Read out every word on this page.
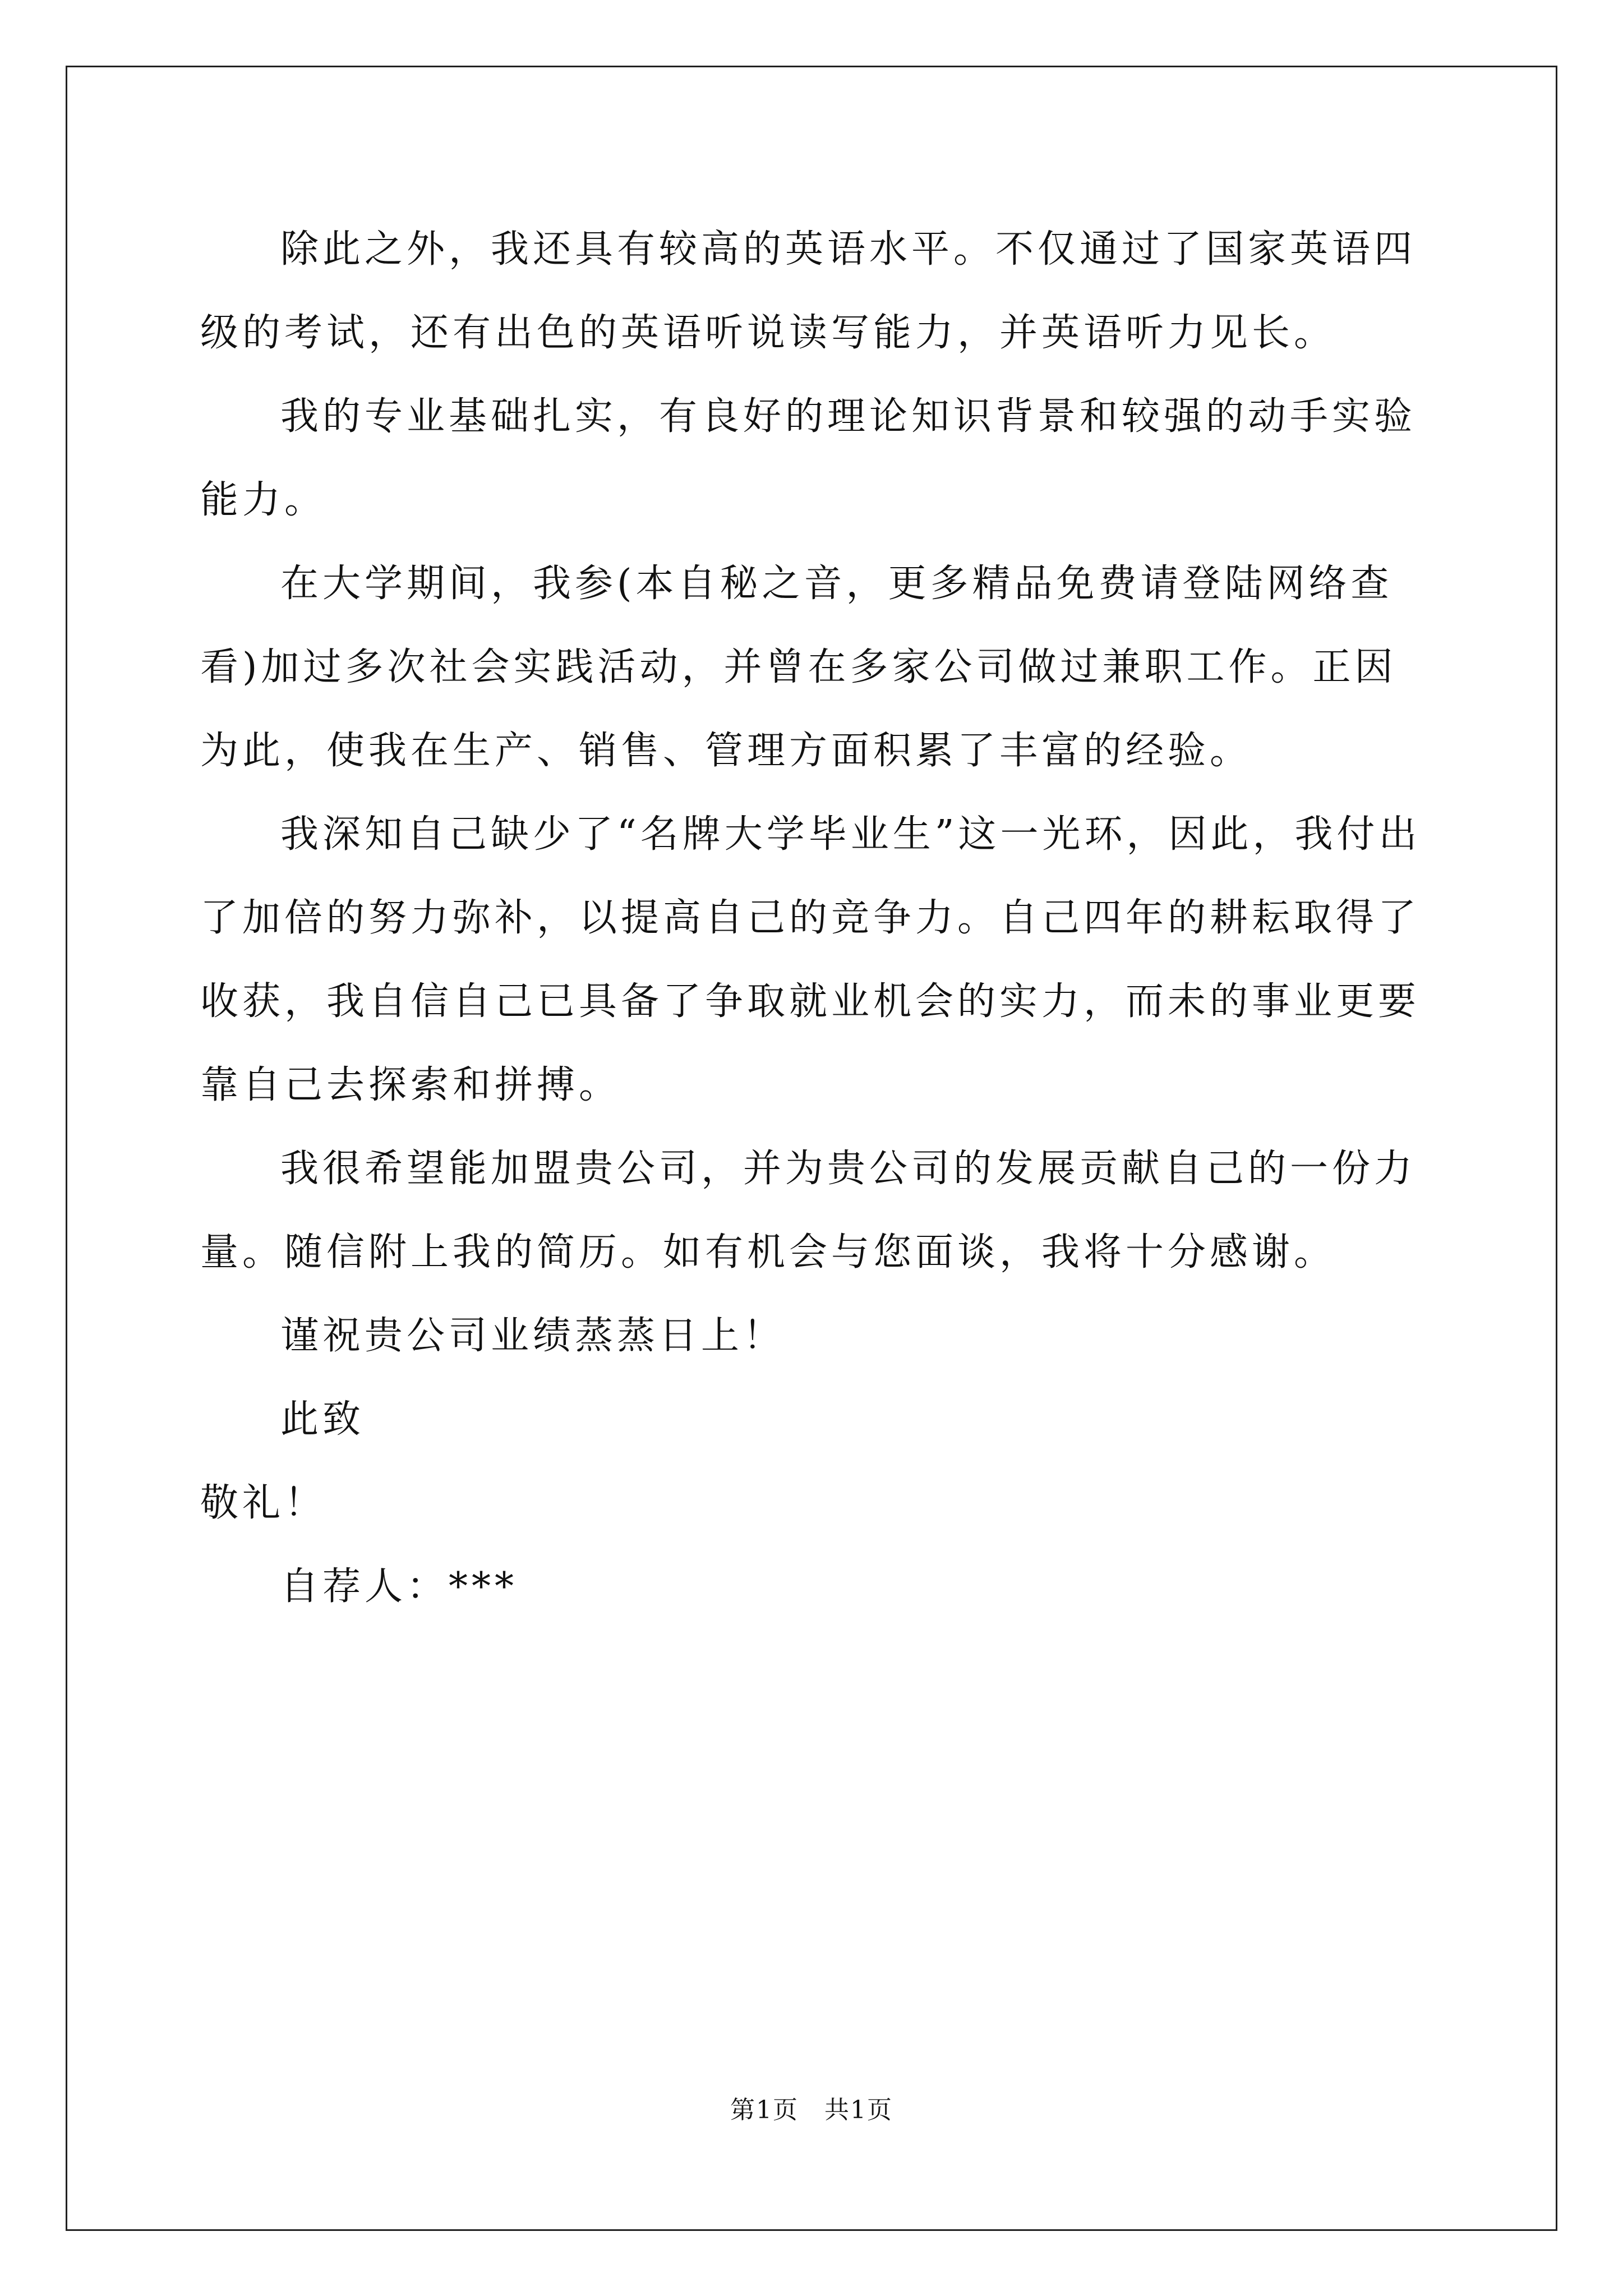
除此之外，我还具有较高的英语水平。不仅通过了国家英语四级的考试，还有出色的英语听说读写能力，并英语听力见长。

我的专业基础扎实，有良好的理论知识背景和较强的动手实验能力。

在大学期间，我参(本自秘之音，更多精品免费请登陆网络查看)加过多次社会实践活动，并曾在多家公司做过兼职工作。正因为此，使我在生产、销售、管理方面积累了丰富的经验。

我深知自己缺少了“名牌大学毕业生”这一光环，因此，我付出了加倍的努力弥补，以提高自己的竞争力。自己四年的耕耘取得了收获，我自信自己已具备了争取就业机会的实力，而未的事业更要靠自己去探索和拼搏。

我很希望能加盟贵公司，并为贵公司的发展贡献自己的一份力量。随信附上我的简历。如有机会与您面谈，我将十分感谢。

谨祝贵公司业绩蒸蒸日上！

此致

敬礼！

自荐人：***

第1页　共1页
